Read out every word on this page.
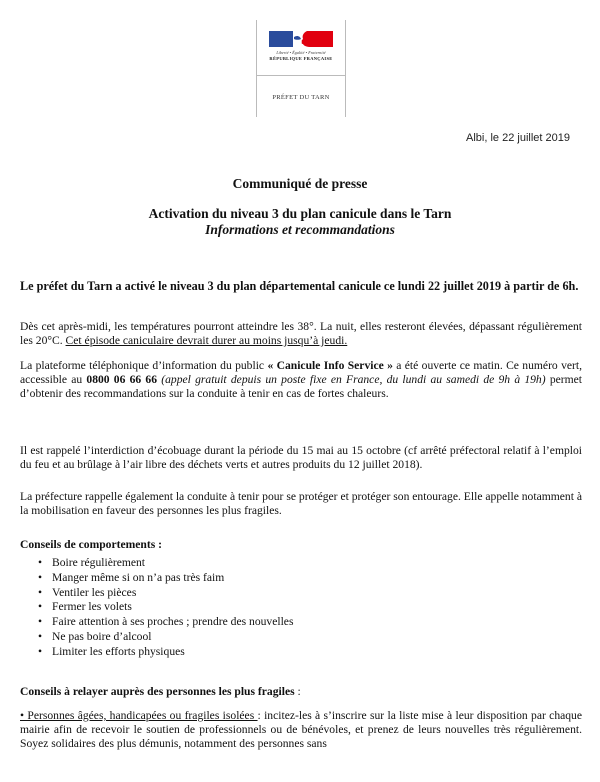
Liberté • Égalité • Fraternité
RÉPUBLIQUE FRANÇAISE
PRÉFET DU TARN
Albi, le 22 juillet 2019
Communiqué de presse
Activation du niveau 3 du plan canicule dans le Tarn
Informations et recommandations
Le préfet du Tarn a activé le niveau 3 du plan départemental canicule ce lundi 22 juillet 2019 à partir de 6h.
Dès cet après-midi, les températures pourront atteindre les 38°. La nuit, elles resteront élevées, dépassant régulièrement les 20°C. Cet épisode caniculaire devrait durer au moins jusqu’à jeudi.
La plateforme téléphonique d’information du public « Canicule Info Service » a été ouverte ce matin. Ce numéro vert, accessible au 0800 06 66 66 (appel gratuit depuis un poste fixe en France, du lundi au samedi de 9h à 19h) permet d’obtenir des recommandations sur la conduite à tenir en cas de fortes chaleurs.
Il est rappelé l’interdiction d’écobuage durant la période du 15 mai au 15 octobre (cf arrêté préfectoral relatif à l’emploi du feu et au brûlage à l’air libre des déchets verts et autres produits du 12 juillet 2018).
La préfecture rappelle également la conduite à tenir pour se protéger et protéger son entourage. Elle appelle notamment à la mobilisation en faveur des personnes les plus fragiles.
Conseils de comportements :
• Boire régulièrement
• Manger même si on n’a pas très faim
• Ventiler les pièces
• Fermer les volets
• Faire attention à ses proches ; prendre des nouvelles
• Ne pas boire d’alcool
• Limiter les efforts physiques
Conseils à relayer auprès des personnes les plus fragiles :
• Personnes âgées, handicapées ou fragiles isolées : incitez-les à s’inscrire sur la liste mise à leur disposition par chaque mairie afin de recevoir le soutien de professionnels ou de bénévoles, et prenez de leurs nouvelles très régulièrement. Soyez solidaires des plus démunis, notamment des personnes sans
